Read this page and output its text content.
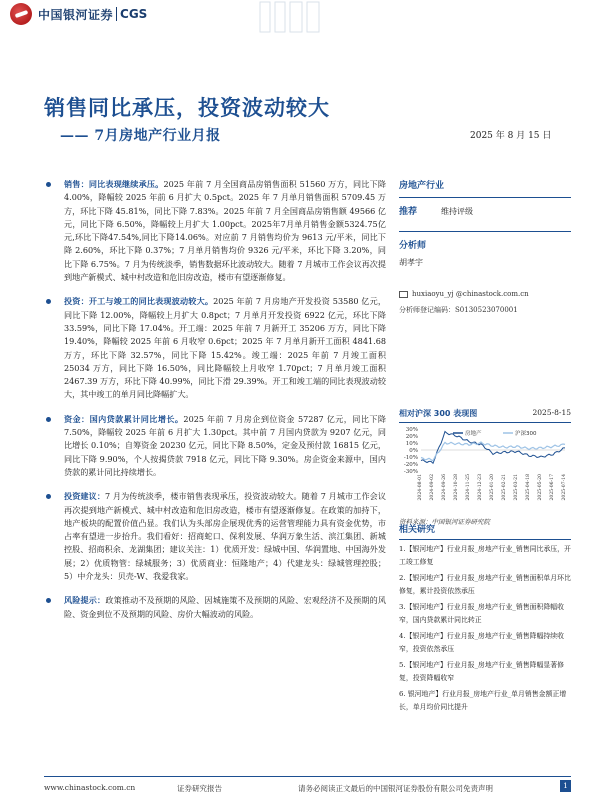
中国银河证券 CGS
销售同比承压，投资波动较大
—— 7月房地产行业月报	2025 年 8 月 15 日
销售：同比表现继续承压。2025 年前 7 月全国商品房销售面积 51560 万方，同比下降 4.00%，降幅较 2025 年前 6 月扩大 0.5pct。2025 年 7 月单月销售面积 5709.45 万方，环比下降 45.81%，同比下降 7.83%。2025 年前 7 月全国商品房销售额 49566 亿元，同比下降 6.50%，降幅较上月扩大 1.00pct。2025年7月单月销售金额5324.75亿元,环比下降47.54%,同比下降14.06%。对应前 7 月销售均价为 9613 元/平米，同比下降 2.60%，环比下降 0.37%；7 月单月销售均价 9326 元/平米，环比下降 3.20%，同比下降 6.75%。7 月为传统淡季，销售数据环比波动较大。随着 7 月城市工作会议再次提到地产新模式、城中村改造和危旧房改造，楼市有望逐渐修复。
投资：开工与竣工的同比表现波动较大。2025 年前 7 月房地产开发投资 53580 亿元，同比下降 12.00%，降幅较上月扩大 0.8pct；7 月单月开发投资 6922 亿元，环比下降 33.59%，同比下降 17.04%。开工端：2025 年前 7 月新开工 35206 万方，同比下降 19.40%，降幅较 2025 年前 6 月收窄 0.6pct；2025 年 7 月单月新开工面积 4841.68 万方，环比下降 32.57%，同比下降 15.42%。竣工端：2025 年前 7 月竣工面积 25034 万方，同比下降 16.50%，同比降幅较上月收窄 1.70pct；7 月单月竣工面积 2467.39 万方，环比下降 40.99%，同比下滑 29.39%。开工和竣工端的同比表现波动较大，其中竣工的单月同比降幅扩大。
资金：国内贷款累计同比增长。2025 年前 7 月房企到位资金 57287 亿元，同比下降 7.50%，降幅较 2025 年前 6 月扩大 1.30pct。其中前 7 月国内贷款为 9207 亿元，同比增长 0.10%；自筹资金 20230 亿元，同比下降 8.50%，定金及预付款 16815 亿元，同比下降 9.90%，个人按揭贷款 7918 亿元，同比下降 9.30%。房企资金来源中，国内贷款的累计同比持续增长。
投资建议：7 月为传统淡季，楼市销售表现承压，投资波动较大。随着 7 月城市工作会议再次提到地产新模式、城中村改造和危旧房改造，楼市有望逐渐修复。在政策的加持下，地产板块的配置价值凸显。我们认为头部房企展现优秀的运营管理能力具有资金优势，市占率有望进一步抬升。我们看好：招商蛇口、保利发展、华润万象生活、滨江集团、新城控股、招商积余、龙湖集团；建议关注：1）优质开发：绿城中国、华润置地、中国海外发展；2）优质物管：绿城服务；3）优质商业：恒隆地产；4）代建龙头：绿城管理控股；5）中介龙头：贝壳-W、我爱我家。
风险提示：政策推动不及预期的风险、因城施策不及预期的风险、宏观经济不及预期的风险、资金到位不及预期的风险、房价大幅波动的风险。
房地产行业
推荐	维持评级
分析师
胡孝宇
huxiaoyu_yj @chinastock.com.cn
分析师登记编码：S0130523070001
相对沪深 300 表现图	2025-8-15
30%
20%
10%
0%
-10%
-20%
-30%
房地产	沪深300
2024-08-01 2024-09-02 2024-09-26 2024-10-28 2024-11-25 2024-12-23 2025-01-20 2025-02-21 2025-03-21 2025-04-18 2025-05-20 2025-06-17 2025-07-14
资料来源：中国银河证券研究院
相关研究
1.【银河地产】行业月报_房地产行业_销售同比承压，开工竣工修复
2.【银河地产】行业月报_房地产行业_销售面积单月环比修复，累计投资依然承压
3.【银河地产】行业月报_房地产行业_销售面积降幅收窄，国内贷款累计同比转正
4.【银河地产】行业月报_房地产行业_销售降幅持续收窄，投资依然承压
5.【银河地产】行业月报_房地产行业_销售降幅显著修复，投资降幅收窄
6. 银河地产】行业月报_房地产行业_单月销售金额正增长，单月均价同比提升
www.chinastock.com.cn	证券研究报告	请务必阅读正文最后的中国银河证券股份有限公司免责声明	1
